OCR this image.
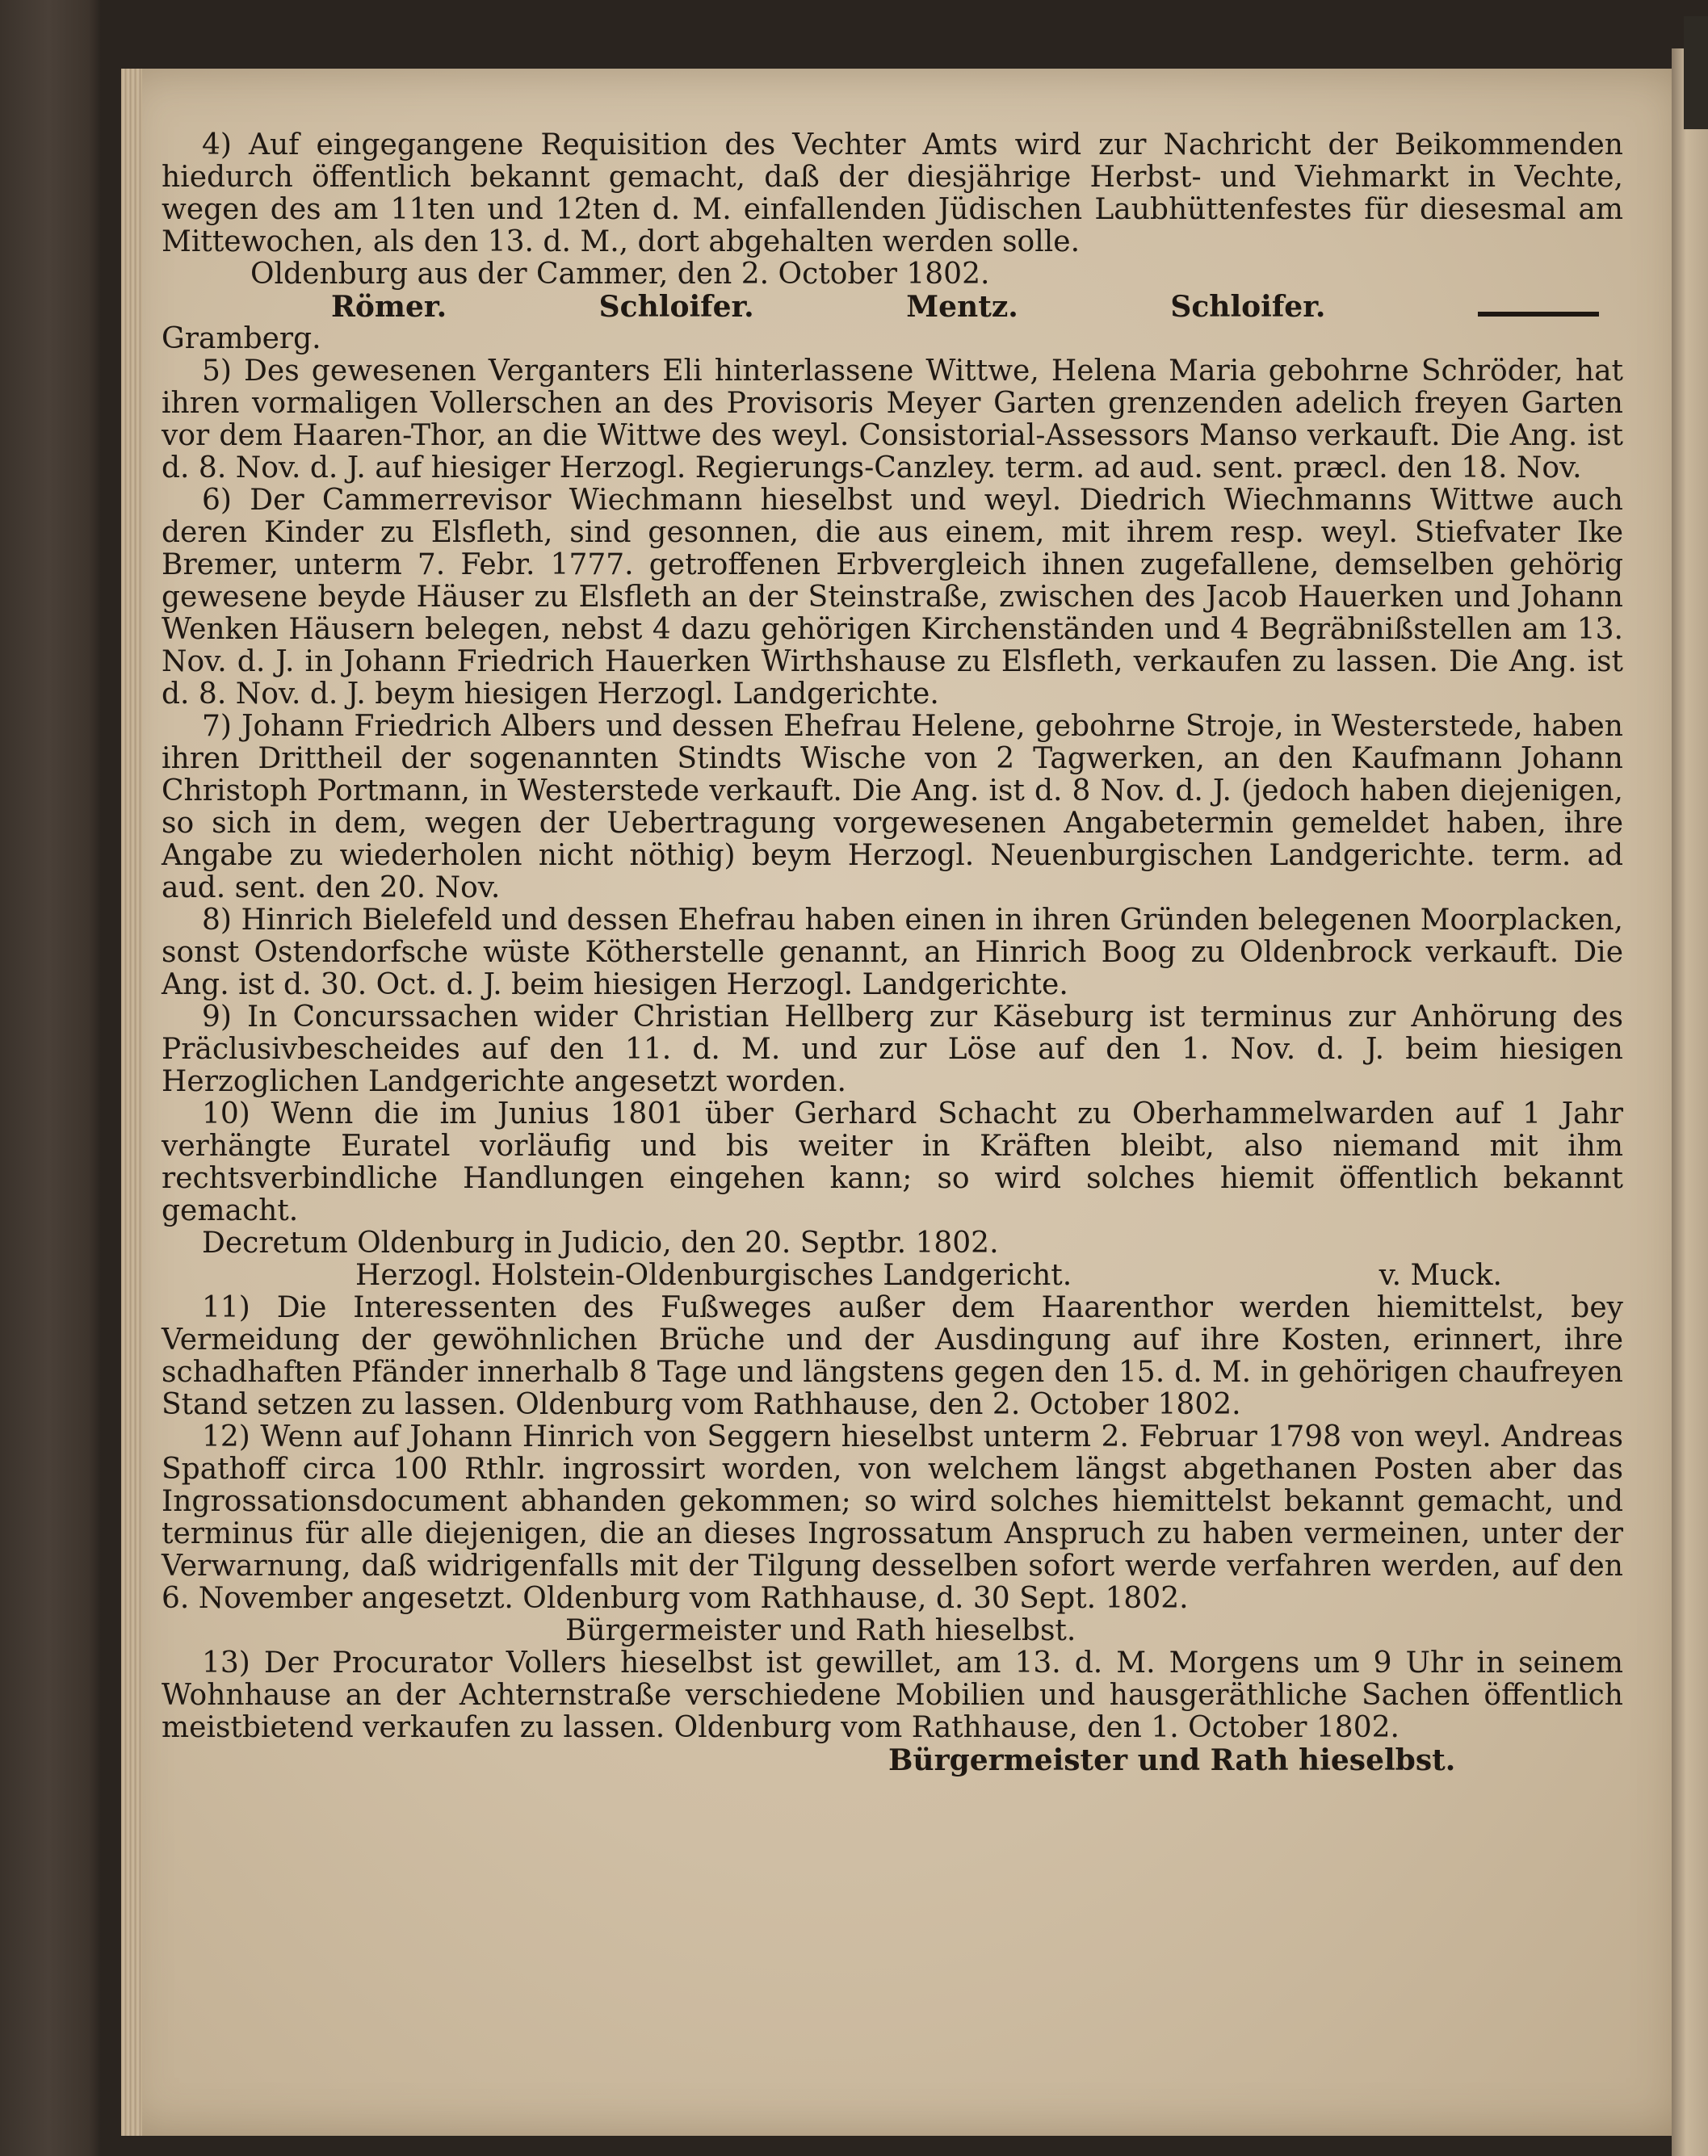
4) Auf eingegangene Requisition des Vechter Amts wird zur Nachricht der Beikommenden hiedurch öffentlich bekannt gemacht, daß der diesjährige Herbst- und Viehmarkt in Vechte, wegen des am 11ten und 12ten d. M. einfallenden Jüdischen Laubhüttenfestes für diesesmal am Mittewochen, als den 13. d. M., dort abgehalten werden solle.

Oldenburg aus der Cammer, den 2. October 1802.

Römer.	Schloifer.	Mentz.	Schloifer.

Gramberg.

5) Des gewesenen Verganters Eli hinterlassene Wittwe, Helena Maria gebohrne Schröder, hat ihren vormaligen Vollerschen an des Provisoris Meyer Garten grenzenden adelich freyen Garten vor dem Haaren-Thor, an die Wittwe des weyl. Consistorial-Assessors Manso verkauft. Die Ang. ist d. 8. Nov. d. J. auf hiesiger Herzogl. Regierungs-Canzley. term. ad aud. sent. præcl. den 18. Nov.

6) Der Cammerrevisor Wiechmann hieselbst und weyl. Diedrich Wiechmanns Wittwe auch deren Kinder zu Elsfleth, sind gesonnen, die aus einem, mit ihrem resp. weyl. Stiefvater Ike Bremer, unterm 7. Febr. 1777. getroffenen Erbvergleich ihnen zugefallene, demselben gehörig gewesene beyde Häuser zu Elsfleth an der Steinstraße, zwischen des Jacob Hauerken und Johann Wenken Häusern belegen, nebst 4 dazu gehörigen Kirchenständen und 4 Begräbnißstellen am 13. Nov. d. J. in Johann Friedrich Hauerken Wirthshause zu Elsfleth, verkaufen zu lassen. Die Ang. ist d. 8. Nov. d. J. beym hiesigen Herzogl. Landgerichte.

7) Johann Friedrich Albers und dessen Ehefrau Helene, gebohrne Stroje, in Westerstede, haben ihren Drittheil der sogenannten Stindts Wische von 2 Tagwerken, an den Kaufmann Johann Christoph Portmann, in Westerstede verkauft. Die Ang. ist d. 8 Nov. d. J. (jedoch haben diejenigen, so sich in dem, wegen der Uebertragung vorgewesenen Angabetermin gemeldet haben, ihre Angabe zu wiederholen nicht nöthig) beym Herzogl. Neuenburgischen Landgerichte. term. ad aud. sent. den 20. Nov.

8) Hinrich Bielefeld und dessen Ehefrau haben einen in ihren Gründen belegenen Moorplacken, sonst Ostendorfsche wüste Kötherstelle genannt, an Hinrich Boog zu Oldenbrock verkauft. Die Ang. ist d. 30. Oct. d. J. beim hiesigen Herzogl. Landgerichte.

9) In Concurssachen wider Christian Hellberg zur Käseburg ist terminus zur Anhörung des Präclusivbescheides auf den 11. d. M. und zur Löse auf den 1. Nov. d. J. beim hiesigen Herzoglichen Landgerichte angesetzt worden.

10) Wenn die im Junius 1801 über Gerhard Schacht zu Oberhammelwarden auf 1 Jahr verhängte Euratel vorläufig und bis weiter in Kräften bleibt, also niemand mit ihm rechtsverbindliche Handlungen eingehen kann; so wird solches hiemit öffentlich bekannt gemacht.

Decretum Oldenburg in Judicio, den 20. Septbr. 1802.

Herzogl. Holstein-Oldenburgisches Landgericht.	v. Muck.

11) Die Interessenten des Fußweges außer dem Haarenthor werden hiemittelst, bey Vermeidung der gewöhnlichen Brüche und der Ausdingung auf ihre Kosten, erinnert, ihre schadhaften Pfänder innerhalb 8 Tage und längstens gegen den 15. d. M. in gehörigen chaufreyen Stand setzen zu lassen. Oldenburg vom Rathhause, den 2. October 1802.

12) Wenn auf Johann Hinrich von Seggern hieselbst unterm 2. Februar 1798 von weyl. Andreas Spathoff circa 100 Rthlr. ingrossirt worden, von welchem längst abgethanen Posten aber das Ingrossationsdocument abhanden gekommen; so wird solches hiemittelst bekannt gemacht, und terminus für alle diejenigen, die an dieses Ingrossatum Anspruch zu haben vermeinen, unter der Verwarnung, daß widrigenfalls mit der Tilgung desselben sofort werde verfahren werden, auf den 6. November angesetzt. Oldenburg vom Rathhause, d. 30 Sept. 1802.

Bürgermeister und Rath hieselbst.

13) Der Procurator Vollers hieselbst ist gewillet, am 13. d. M. Morgens um 9 Uhr in seinem Wohnhause an der Achternstraße verschiedene Mobilien und hausgeräthliche Sachen öffentlich meistbietend verkaufen zu lassen. Oldenburg vom Rathhause, den 1. October 1802.

Bürgermeister und Rath hieselbst.
